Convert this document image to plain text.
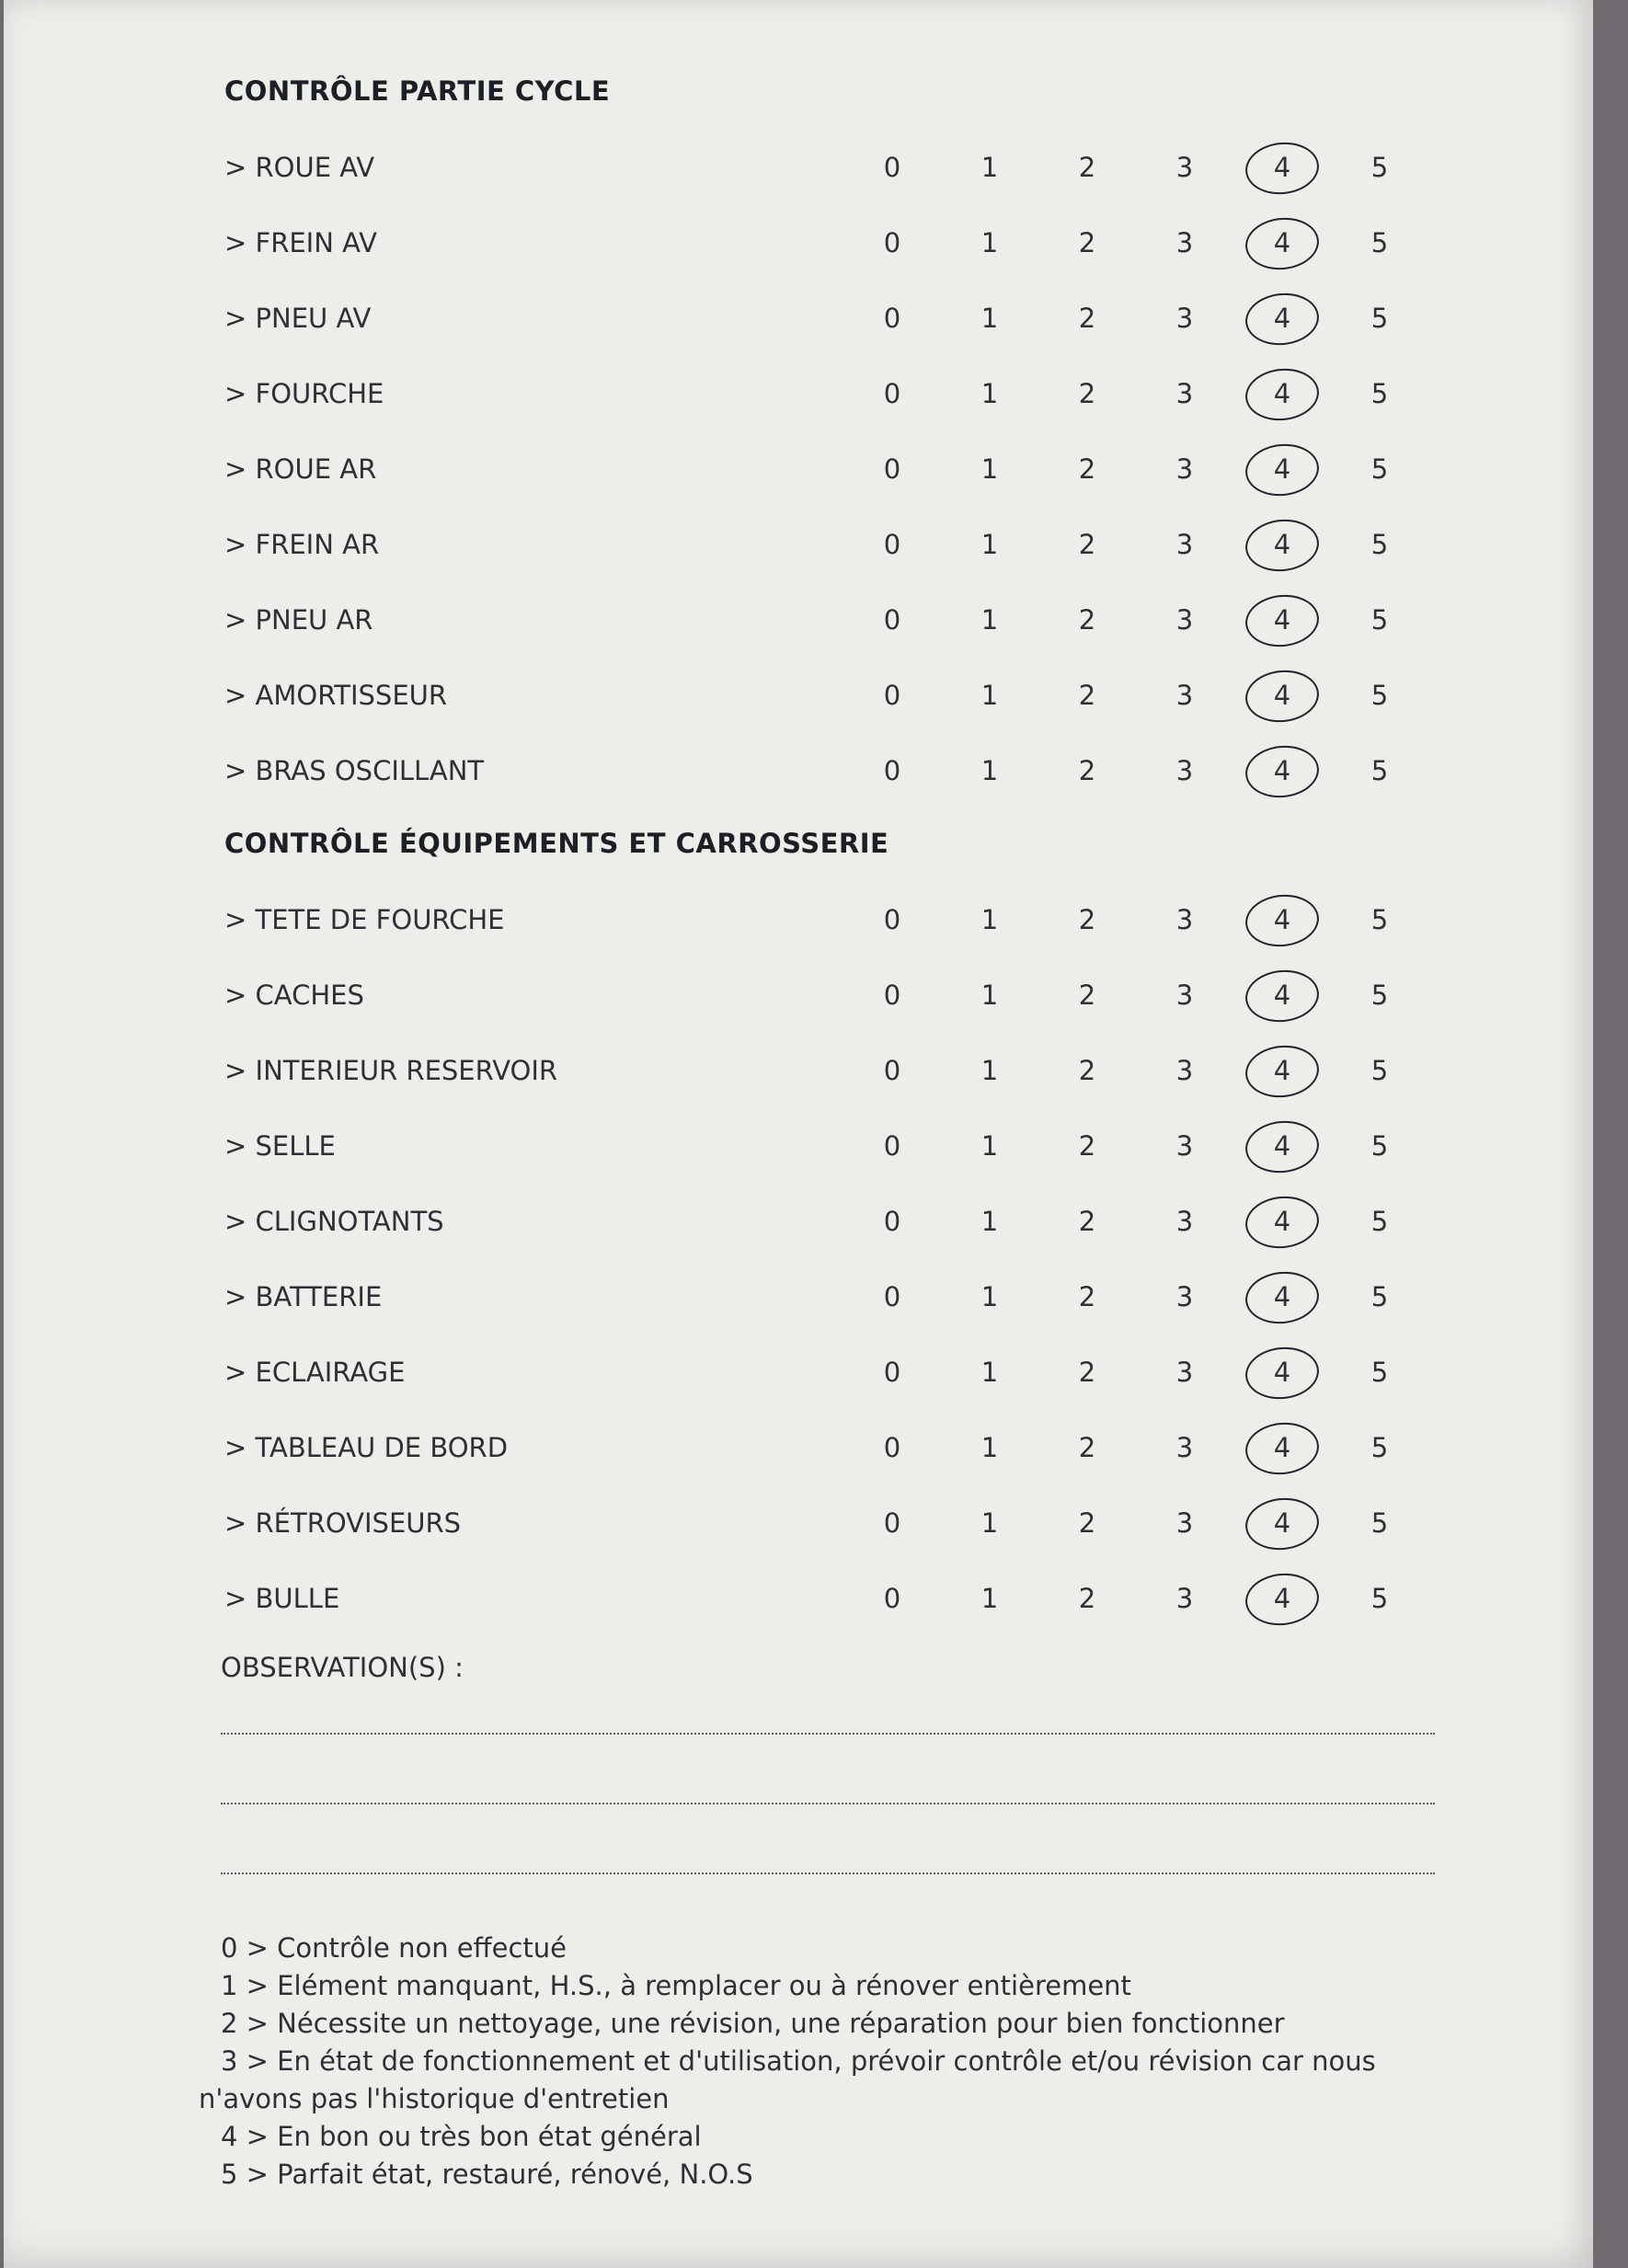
CONTRÔLE PARTIE CYCLE
> ROUE AV	0	1	2	3	4	5
> FREIN AV	0	1	2	3	4	5
> PNEU AV	0	1	2	3	4	5
> FOURCHE	0	1	2	3	4	5
> ROUE AR	0	1	2	3	4	5
> FREIN AR	0	1	2	3	4	5
> PNEU AR	0	1	2	3	4	5
> AMORTISSEUR	0	1	2	3	4	5
> BRAS OSCILLANT	0	1	2	3	4	5
CONTRÔLE ÉQUIPEMENTS ET CARROSSERIE
> TETE DE FOURCHE	0	1	2	3	4	5
> CACHES	0	1	2	3	4	5
> INTERIEUR RESERVOIR	0	1	2	3	4	5
> SELLE	0	1	2	3	4	5
> CLIGNOTANTS	0	1	2	3	4	5
> BATTERIE	0	1	2	3	4	5
> ECLAIRAGE	0	1	2	3	4	5
> TABLEAU DE BORD	0	1	2	3	4	5
> RÉTROVISEURS	0	1	2	3	4	5
> BULLE	0	1	2	3	4	5
OBSERVATION(S) :
0 > Contrôle non effectué
1 > Elément manquant, H.S., à remplacer ou à rénover entièrement
2 > Nécessite un nettoyage, une révision, une réparation pour bien fonctionner
3 > En état de fonctionnement et d'utilisation, prévoir contrôle et/ou révision car nous
n'avons pas l'historique d'entretien
4 > En bon ou très bon état général
5 > Parfait état, restauré, rénové, N.O.S
